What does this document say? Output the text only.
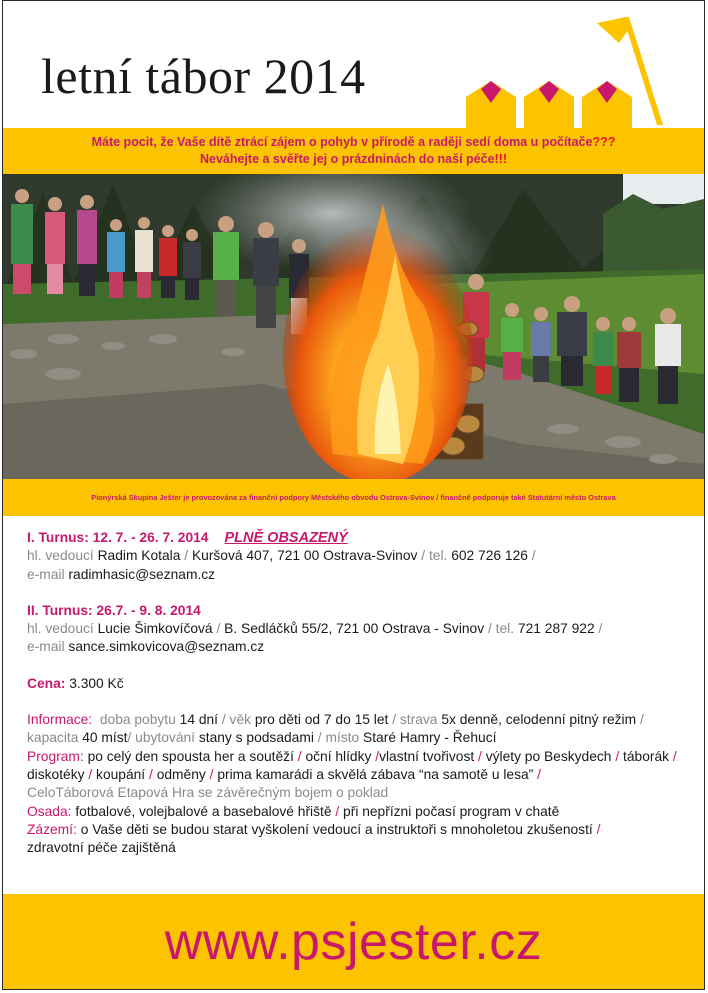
letní tábor 2014
Máte pocit, že Vaše dítě ztrácí zájem o pohyb v přírodě a raději sedí doma u počítače???
Neváhejte a svěřte jej o prázdninách do naší péče!!!
Pionýrská Skupina Ješter je provozována za finanční podpory Městského obvodu Ostrava-Svinov / finančně podporuje také Statutární město Ostrava

I. Turnus: 12. 7. - 26. 7. 2014 PLNĚ OBSAZENÝ

hl. vedoucí Radim Kotala / Kuršová 407, 721 00 Ostrava-Svinov / tel. 602 726 126 /

e-mail radimhasic@seznam.cz

II. Turnus: 26.7. - 9. 8. 2014

hl. vedoucí Lucie Šimkovíčová / B. Sedláčků 55/2, 721 00 Ostrava - Svinov / tel. 721 287 922 /

e-mail sance.simkovicova@seznam.cz

Cena: 3.300 Kč

Informace: doba pobytu 14 dní / věk pro děti od 7 do 15 let / strava 5x denně, celodenní pitný režim / kapacita 40 míst/ ubytování stany s podsadami / místo Staré Hamry - Řehucí

Program: po celý den spousta her a soutěží / oční hlídky /vlastní tvořivost / výlety po Beskydech / táborák / diskotéky / koupání / odměny / prima kamarádi a skvělá zábava “na samotě u lesa” /

CeloTáborová Etapová Hra se závěrečným bojem o poklad

Osada: fotbalové, volejbalové a basebalové hřiště / při nepřízni počasí program v chatě

Zázemí: o Vaše děti se budou starat vyškolení vedoucí a instruktoři s mnoholetou zkušeností /

zdravotní péče zajištěná

www.psjester.cz
